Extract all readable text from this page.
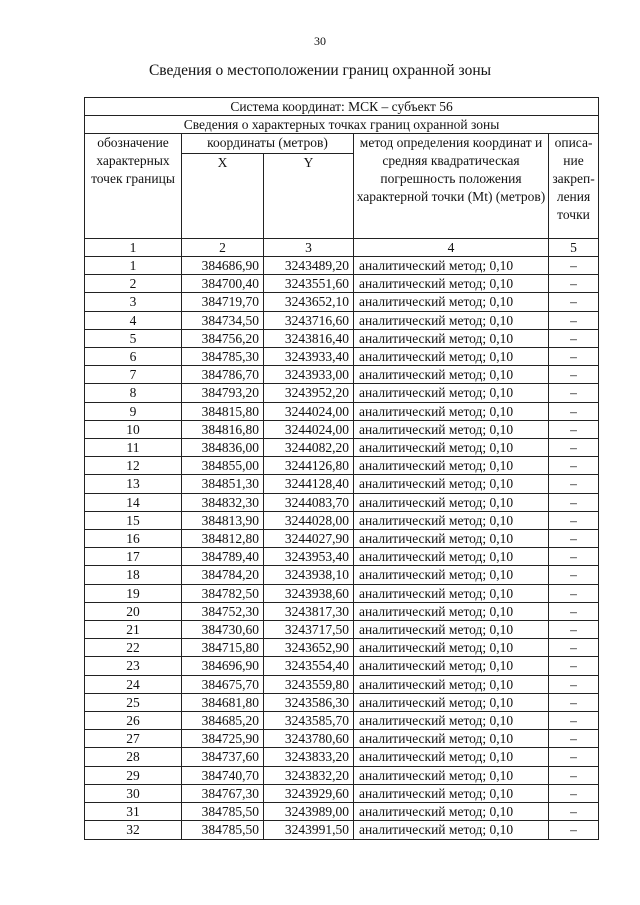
30
Сведения о местоположении границ охранной зоны
Система координат: МСК – субъект 56				
Сведения о характерных точках границ охранной зоны				
обозначение характерных точек границы	координаты (метров)		метод определения координат и средняя квадратическая погрешность положения характерной точки (Mt) (метров)	описа-ние закреп-ления точки
	X	Y		
1	2	3	4	5
1	384686,90	3243489,20	аналитический метод; 0,10	–
2	384700,40	3243551,60	аналитический метод; 0,10	–
3	384719,70	3243652,10	аналитический метод; 0,10	–
4	384734,50	3243716,60	аналитический метод; 0,10	–
5	384756,20	3243816,40	аналитический метод; 0,10	–
6	384785,30	3243933,40	аналитический метод; 0,10	–
7	384786,70	3243933,00	аналитический метод; 0,10	–
8	384793,20	3243952,20	аналитический метод; 0,10	–
9	384815,80	3244024,00	аналитический метод; 0,10	–
10	384816,80	3244024,00	аналитический метод; 0,10	–
11	384836,00	3244082,20	аналитический метод; 0,10	–
12	384855,00	3244126,80	аналитический метод; 0,10	–
13	384851,30	3244128,40	аналитический метод; 0,10	–
14	384832,30	3244083,70	аналитический метод; 0,10	–
15	384813,90	3244028,00	аналитический метод; 0,10	–
16	384812,80	3244027,90	аналитический метод; 0,10	–
17	384789,40	3243953,40	аналитический метод; 0,10	–
18	384784,20	3243938,10	аналитический метод; 0,10	–
19	384782,50	3243938,60	аналитический метод; 0,10	–
20	384752,30	3243817,30	аналитический метод; 0,10	–
21	384730,60	3243717,50	аналитический метод; 0,10	–
22	384715,80	3243652,90	аналитический метод; 0,10	–
23	384696,90	3243554,40	аналитический метод; 0,10	–
24	384675,70	3243559,80	аналитический метод; 0,10	–
25	384681,80	3243586,30	аналитический метод; 0,10	–
26	384685,20	3243585,70	аналитический метод; 0,10	–
27	384725,90	3243780,60	аналитический метод; 0,10	–
28	384737,60	3243833,20	аналитический метод; 0,10	–
29	384740,70	3243832,20	аналитический метод; 0,10	–
30	384767,30	3243929,60	аналитический метод; 0,10	–
31	384785,50	3243989,00	аналитический метод; 0,10	–
32	384785,50	3243991,50	аналитический метод; 0,10	–
